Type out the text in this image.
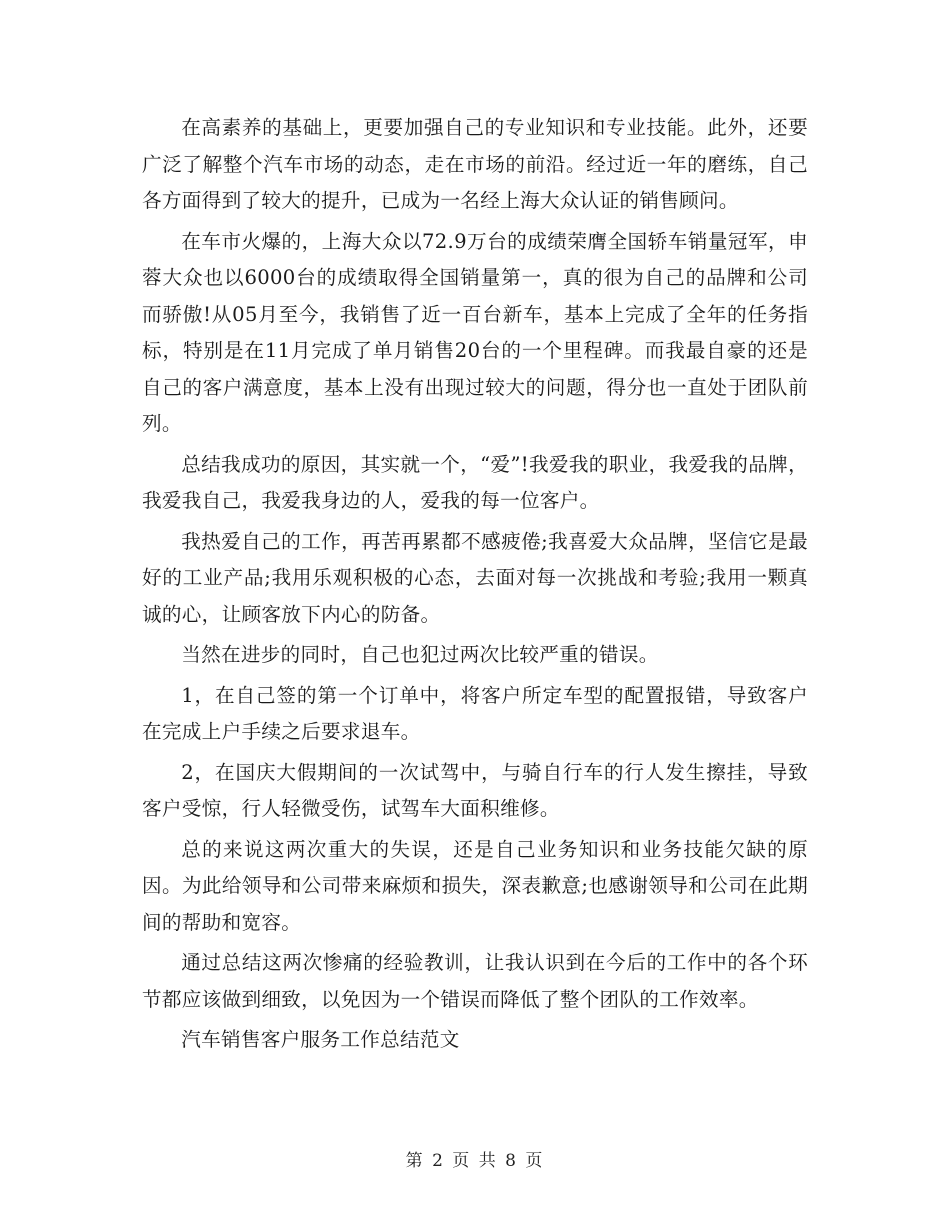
在高素养的基础上，更要加强自己的专业知识和专业技能。此外，还要广泛了解整个汽车市场的动态，走在市场的前沿。经过近一年的磨练，自己各方面得到了较大的提升，已成为一名经上海大众认证的销售顾问。

在车市火爆的，上海大众以72.9万台的成绩荣膺全国轿车销量冠军，申蓉大众也以6000台的成绩取得全国销量第一，真的很为自己的品牌和公司而骄傲!从05月至今，我销售了近一百台新车，基本上完成了全年的任务指标，特别是在11月完成了单月销售20台的一个里程碑。而我最自豪的还是自己的客户满意度，基本上没有出现过较大的问题，得分也一直处于团队前列。

总结我成功的原因，其实就一个，“爱”!我爱我的职业，我爱我的品牌，我爱我自己，我爱我身边的人，爱我的每一位客户。

我热爱自己的工作，再苦再累都不感疲倦;我喜爱大众品牌，坚信它是最好的工业产品;我用乐观积极的心态，去面对每一次挑战和考验;我用一颗真诚的心，让顾客放下内心的防备。

当然在进步的同时，自己也犯过两次比较严重的错误。

1，在自己签的第一个订单中，将客户所定车型的配置报错，导致客户在完成上户手续之后要求退车。

2，在国庆大假期间的一次试驾中，与骑自行车的行人发生擦挂，导致客户受惊，行人轻微受伤，试驾车大面积维修。

总的来说这两次重大的失误，还是自己业务知识和业务技能欠缺的原因。为此给领导和公司带来麻烦和损失，深表歉意;也感谢领导和公司在此期间的帮助和宽容。

通过总结这两次惨痛的经验教训，让我认识到在今后的工作中的各个环节都应该做到细致，以免因为一个错误而降低了整个团队的工作效率。

汽车销售客户服务工作总结范文

第 2 页 共 8 页
